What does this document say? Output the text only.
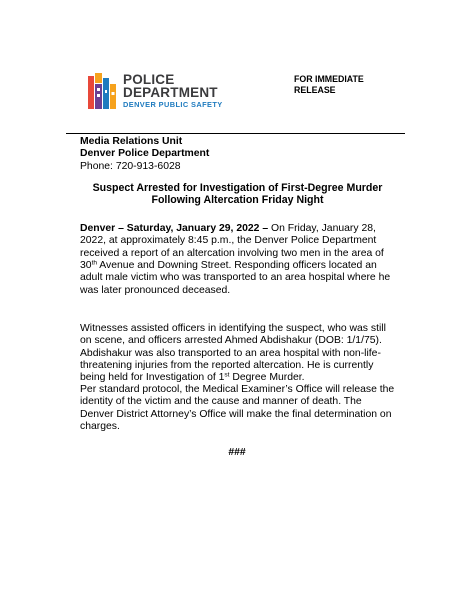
POLICE
DEPARTMENT
DENVER PUBLIC SAFETY
FOR IMMEDIATE
RELEASE
Media Relations Unit
Denver Police Department
Phone: 720-913-6028
Suspect Arrested for Investigation of First-Degree Murder
Following Altercation Friday Night
Denver – Saturday, January 29, 2022 – On Friday, January 28, 2022, at approximately 8:45 p.m., the Denver Police Department received a report of an altercation involving two men in the area of 30th Avenue and Downing Street. Responding officers located an adult male victim who was transported to an area hospital where he was later pronounced deceased.
Witnesses assisted officers in identifying the suspect, who was still on scene, and officers arrested Ahmed Abdishakur (DOB: 1/1/75). Abdishakur was also transported to an area hospital with non-life-threatening injuries from the reported altercation. He is currently being held for Investigation of 1st Degree Murder.
Per standard protocol, the Medical Examiner’s Office will release the identity of the victim and the cause and manner of death. The Denver District Attorney’s Office will make the final determination on charges.
###
